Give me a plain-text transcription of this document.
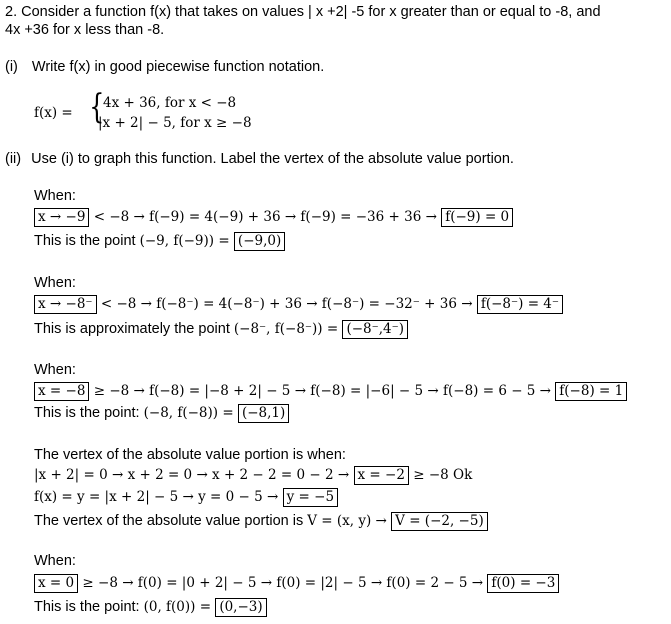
2. Consider a function f(x) that takes on values | x +2| -5 for x greater than or equal to -8, and
4x +36 for x less than -8.
(i) Write f(x) in good piecewise function notation.
f(x) = {
4x + 36, for x < −8
|x + 2| − 5, for x ≥ −8
(ii) Use (i) to graph this function. Label the vertex of the absolute value portion.
When:
x → −9 < −8 → f(−9) = 4(−9) + 36 → f(−9) = −36 + 36 → f(−9) = 0
This is the point (−9, f(−9)) = (−9,0)
When:
x → −8⁻ < −8 → f(−8⁻) = 4(−8⁻) + 36 → f(−8⁻) = −32⁻ + 36 → f(−8⁻) = 4⁻
This is approximately the point (−8⁻, f(−8⁻)) = (−8⁻,4⁻)
When:
x = −8 ≥ −8 → f(−8) = |−8 + 2| − 5 → f(−8) = |−6| − 5 → f(−8) = 6 − 5 → f(−8) = 1
This is the point: (−8, f(−8)) = (−8,1)
The vertex of the absolute value portion is when:
|x + 2| = 0 → x + 2 = 0 → x + 2 − 2 = 0 − 2 → x = −2 ≥ −8 Ok
f(x) = y = |x + 2| − 5 → y = 0 − 5 → y = −5
The vertex of the absolute value portion is V = (x, y) → V = (−2, −5)
When:
x = 0 ≥ −8 → f(0) = |0 + 2| − 5 → f(0) = |2| − 5 → f(0) = 2 − 5 → f(0) = −3
This is the point: (0, f(0)) = (0,−3)
